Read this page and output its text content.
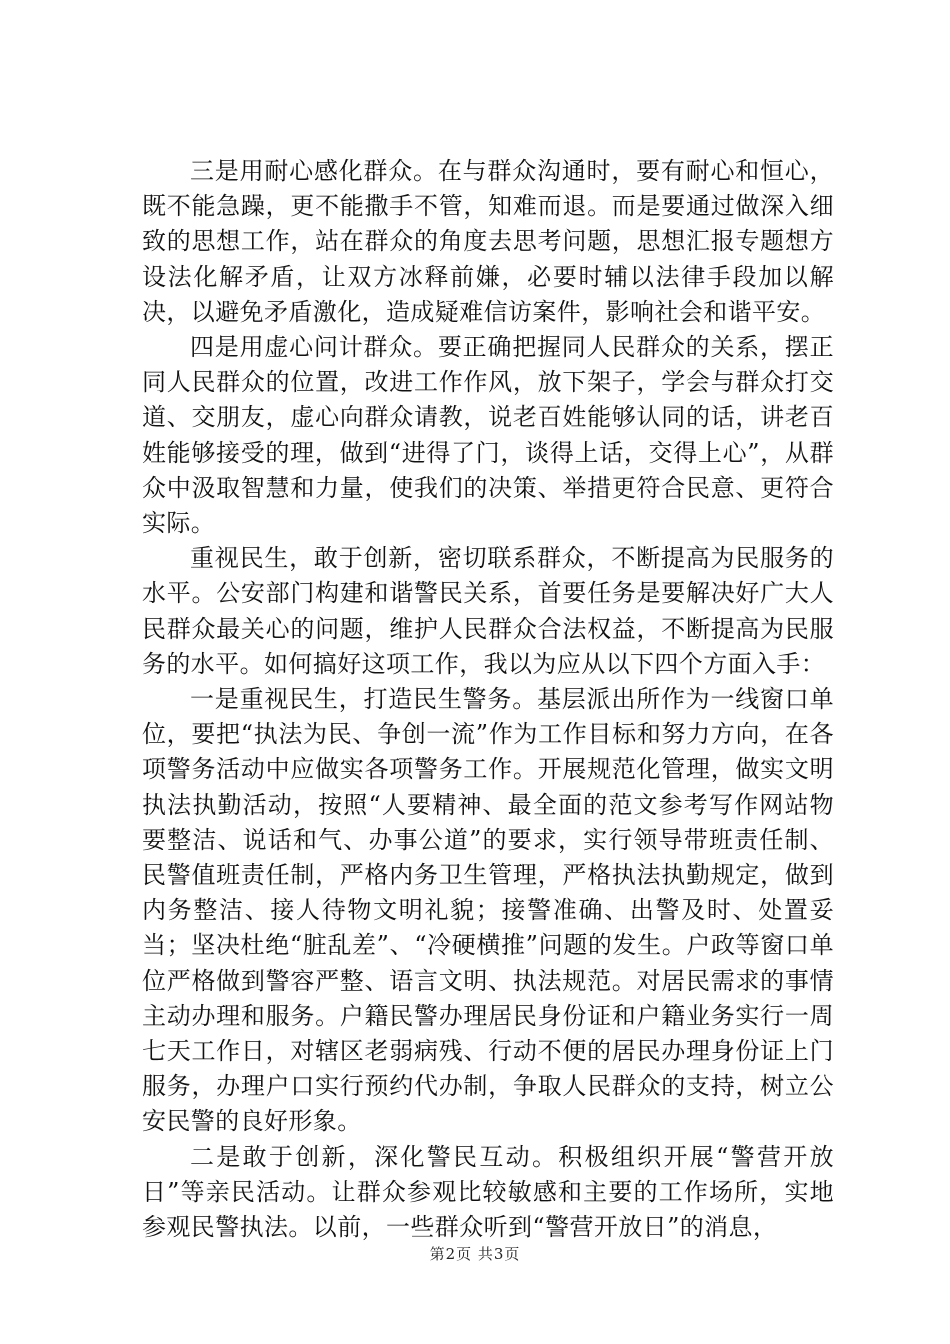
三是用耐心感化群众。在与群众沟通时，要有耐心和恒心，既不能急躁，更不能撒手不管，知难而退。而是要通过做深入细致的思想工作，站在群众的角度去思考问题，思想汇报专题想方设法化解矛盾，让双方冰释前嫌，必要时辅以法律手段加以解决，以避免矛盾激化，造成疑难信访案件，影响社会和谐平安。

四是用虚心问计群众。要正确把握同人民群众的关系，摆正同人民群众的位置，改进工作作风，放下架子，学会与群众打交道、交朋友，虚心向群众请教，说老百姓能够认同的话，讲老百姓能够接受的理，做到“进得了门，谈得上话，交得上心”，从群众中汲取智慧和力量，使我们的决策、举措更符合民意、更符合实际。

重视民生，敢于创新，密切联系群众，不断提高为民服务的水平。公安部门构建和谐警民关系，首要任务是要解决好广大人民群众最关心的问题，维护人民群众合法权益，不断提高为民服务的水平。如何搞好这项工作，我以为应从以下四个方面入手：

一是重视民生，打造民生警务。基层派出所作为一线窗口单位，要把“执法为民、争创一流”作为工作目标和努力方向，在各项警务活动中应做实各项警务工作。开展规范化管理，做实文明执法执勤活动，按照“人要精神、最全面的范文参考写作网站物要整洁、说话和气、办事公道”的要求，实行领导带班责任制、民警值班责任制，严格内务卫生管理，严格执法执勤规定，做到内务整洁、接人待物文明礼貌；接警准确、出警及时、处置妥当；坚决杜绝“脏乱差”、“冷硬横推”问题的发生。户政等窗口单位严格做到警容严整、语言文明、执法规范。对居民需求的事情主动办理和服务。户籍民警办理居民身份证和户籍业务实行一周七天工作日，对辖区老弱病残、行动不便的居民办理身份证上门服务，办理户口实行预约代办制，争取人民群众的支持，树立公安民警的良好形象。

二是敢于创新，深化警民互动。积极组织开展“警营开放日”等亲民活动。让群众参观比较敏感和主要的工作场所，实地参观民警执法。以前，一些群众听到“警营开放日”的消息，

第2页 共3页
